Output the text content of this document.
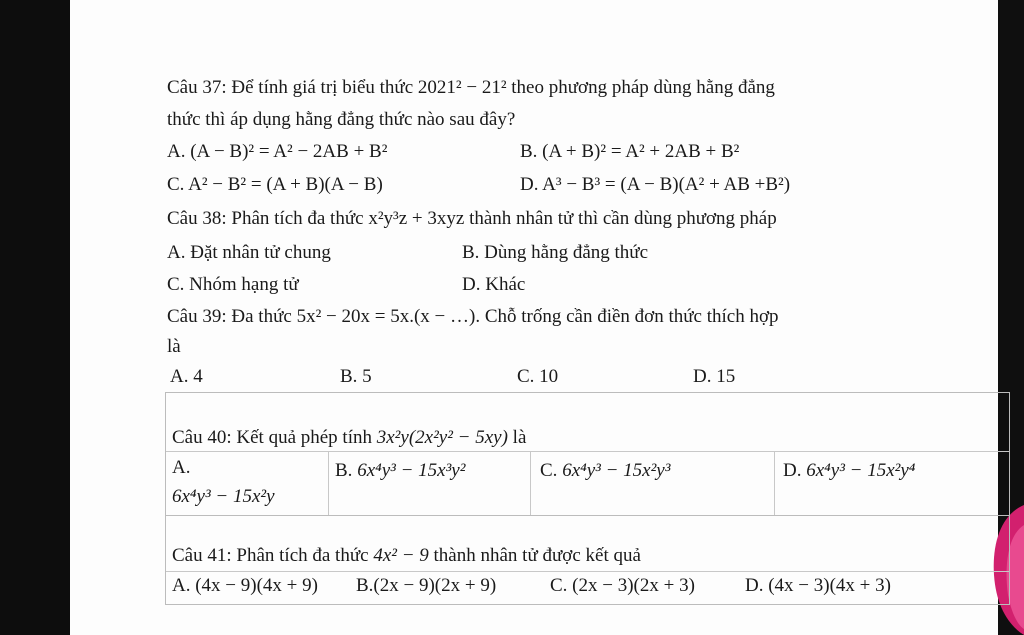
Câu 37: Để tính giá trị biểu thức 2021² − 21² theo phương pháp dùng hằng đẳng
thức thì áp dụng hằng đẳng thức nào sau đây?
A. (A − B)² = A² − 2AB + B²	B. (A + B)² = A² + 2AB + B²
C. A² − B² = (A + B)(A − B)	D. A³ − B³ = (A − B)(A² + AB +B²)
Câu 38: Phân tích đa thức x²y³z + 3xyz thành nhân tử thì cần dùng phương pháp
A. Đặt nhân tử chung	B. Dùng hằng đẳng thức
C. Nhóm hạng tử	D. Khác
Câu 39: Đa thức 5x² − 20x = 5x.(x − …). Chỗ trống cần điền đơn thức thích hợp
là
A. 4	B. 5	C. 10	D. 15
Câu 40: Kết quả phép tính 3x²y(2x²y² − 5xy) là
A.
6x⁴y³ − 15x²y
B. 6x⁴y³ − 15x³y²	C. 6x⁴y³ − 15x²y³	D. 6x⁴y³ − 15x²y⁴
Câu 41: Phân tích đa thức 4x² − 9 thành nhân tử được kết quả
A. (4x − 9)(4x + 9) B.(2x − 9)(2x + 9)	C. (2x − 3)(2x + 3)	D. (4x − 3)(4x + 3)
